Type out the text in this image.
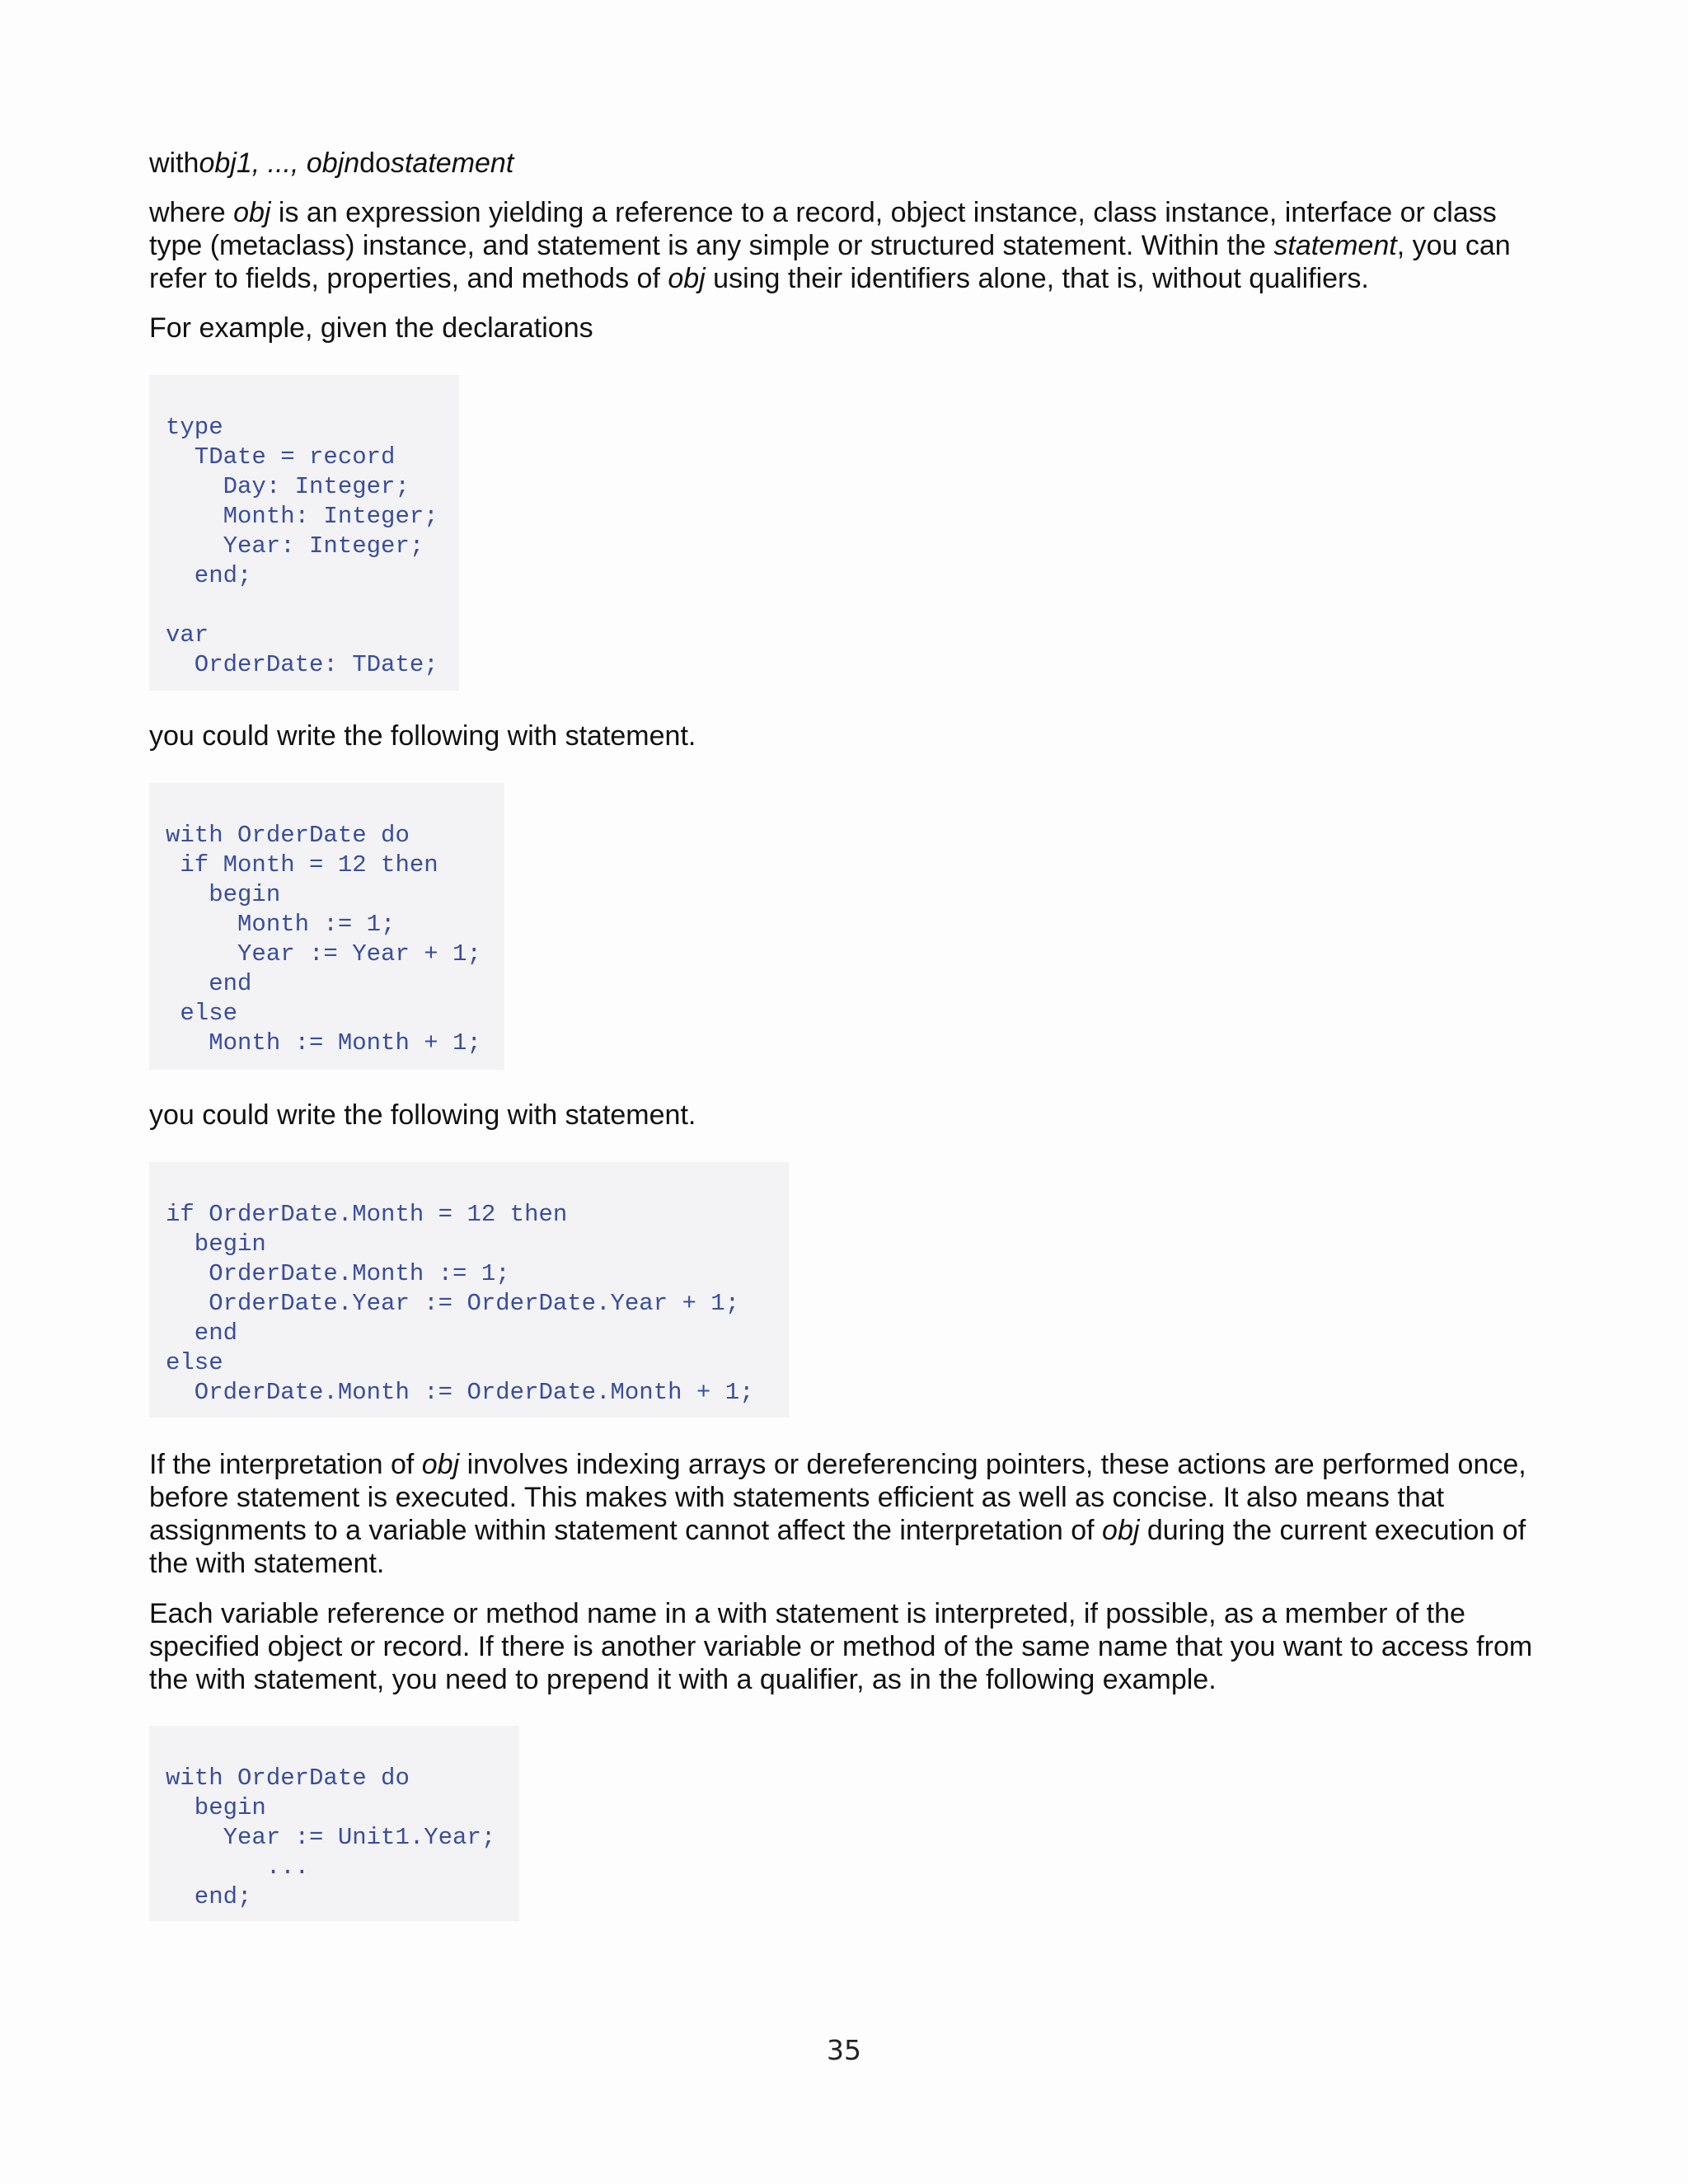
withobj1, ..., objndostatement

where obj is an expression yielding a reference to a record, object instance, class instance, interface or class type (metaclass) instance, and statement is any simple or structured statement. Within the statement, you can refer to fields, properties, and methods of obj using their identifiers alone, that is, without qualifiers.

For example, given the declarations

type
TDate = record
Day: Integer;
Month: Integer;
Year: Integer;
end;

var
OrderDate: TDate;

you could write the following with statement.

with OrderDate do
if Month = 12 then
begin
Month := 1;
Year := Year + 1;
end
else
Month := Month + 1;

you could write the following with statement.

if OrderDate.Month = 12 then
begin
OrderDate.Month := 1;
OrderDate.Year := OrderDate.Year + 1;
end
else
OrderDate.Month := OrderDate.Month + 1;

If the interpretation of obj involves indexing arrays or dereferencing pointers, these actions are performed once, before statement is executed. This makes with statements efficient as well as concise. It also means that assignments to a variable within statement cannot affect the interpretation of obj during the current execution of the with statement.

Each variable reference or method name in a with statement is interpreted, if possible, as a member of the specified object or record. If there is another variable or method of the same name that you want to access from the with statement, you need to prepend it with a qualifier, as in the following example.

with OrderDate do
begin
Year := Unit1.Year;
...
end;
35
